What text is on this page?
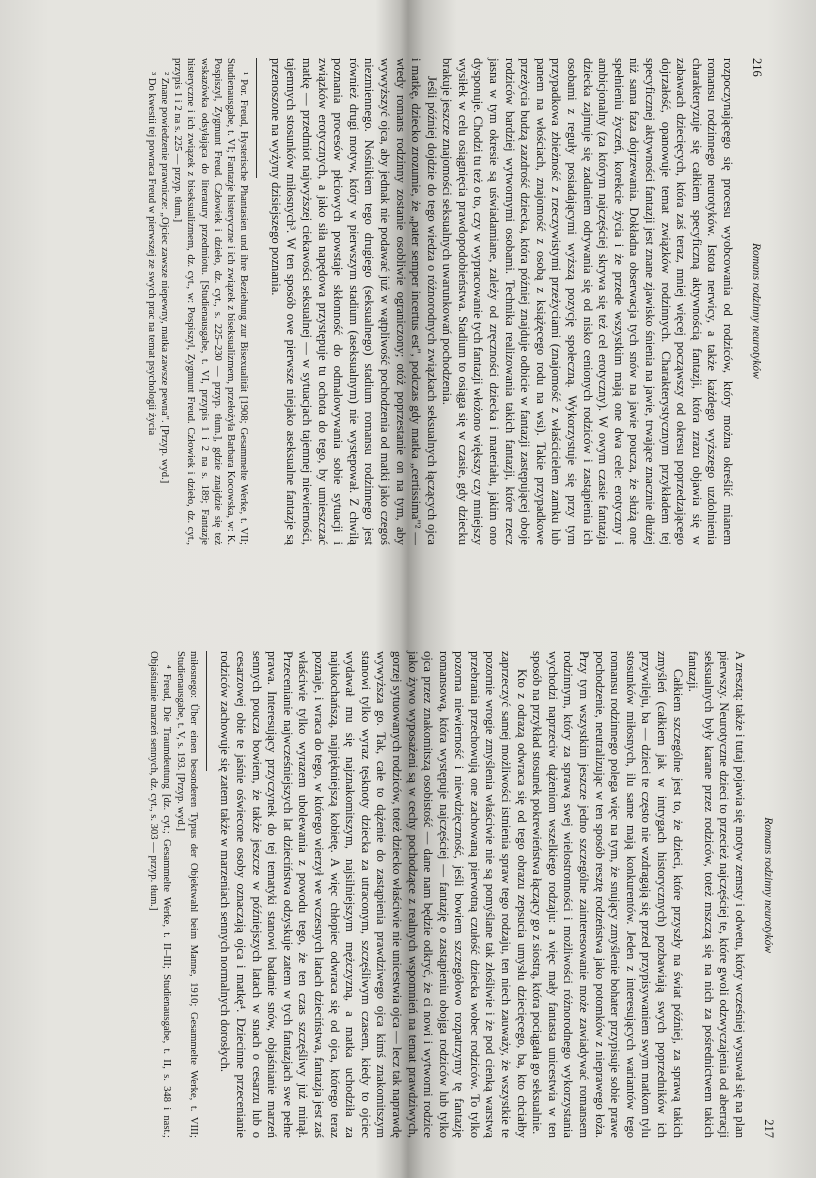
216
Romans rodzinny neurotyków

rozpoczynającego się procesu wyobcowania od rodziców, który można określić mianem romansu rodzinnego neurotyków. Istota nerwicy, a także każdego wyższego uzdolnienia charakteryzuje się całkiem specyficzną aktywnością fantazji, która zrazu objawia się w zabawach dziecięcych, która zaś teraz, mniej więcej począwszy od okresu poprzedzającego dojrzałość, opanowuje temat związków rodzinnych. Charakterystycznym przykładem tej specyficznej aktywności fantazji jest znane zjawisko śnienia na jawie, trwające znacznie dłużej niż sama faza dojrzewania. Dokładna obserwacja tych snów na jawie poucza, że służą one spełnieniu życzeń, korekcie życia i że przede wszystkim mają one dwa cele: erotyczny i ambicjonalny (za którym najczęściej skrywa się też cel erotyczny). W owym czasie fantazja dziecka zajmuje się zadaniem odrywania się od nisko cenionych rodziców i zastąpienia ich osobami z reguły posiadającymi wyższą pozycję społeczną. Wykorzystuje się przy tym przypadkowa zbieżność z rzeczywistymi przeżyciami (znajomość z właścicielem zamku lub panem na włościach, znajomość z osobą z książęcego rodu na wsi). Takie przypadkowe przeżycia budzą zazdrość dziecka, która później znajduje odbicie w fantazji zastępującej oboje rodziców bardziej wytwornymi osobami. Technika realizowania takich fantazji, które rzecz jasna w tym okresie są uświadamiane, zależy od zręczności dziecka i materiału, jakim ono dysponuje. Chodzi tu też o to, czy w wypracowanie tych fantazji włożono większy czy mniejszy wysiłek w celu osiągnięcia prawdopodobieństwa. Stadium to osiąga się w czasie, gdy dziecku brakuje jeszcze znajomości seksualnych uwarunkowań pochodzenia.

Jeśli później dojdzie do tego wiedza o różnorodnych związkach seksualnych łączących ojca i matkę, dziecko zrozumie, że „pater semper incertus est", podczas gdy matka „certissima"² — wtedy romans rodzinny zostanie osobliwie ograniczony; otóż poprzestanie on na tym, aby wywyższyć ojca, aby jednak nie podawać już w wątpliwość pochodzenia od matki jako czegoś niezmiennego. Nośnikiem tego drugiego (seksualnego) stadium romansu rodzinnego jest również drugi motyw, który w pierwszym stadium (aseksualnym) nie występował. Z chwilą poznania procesów płciowych powstaje skłonność do odmalowywania sobie sytuacji i związków erotycznych, a jako siła napędowa przystępuje tu ochota do tego, by umieszczać matkę — przedmiot najwyższej ciekawości seksualnej — w sytuacjach tajemnej niewierności, tajemnych stosunków miłosnych³. W ten sposób owe pierwsze niejako aseksualne fantazje są przenoszone na wyżyny dzisiejszego poznania.

¹ Por. Freud, Hysterische Phantasien und ihre Beziehung zur Bisexualität [1908; Gesammelte Werke, t. VII; Studienausgabe, t. VI; Fantazje histeryczne i ich związek z biseksualizmem, przełożyła Barbara Kocowska, w: K. Pospiszyl, Zygmunt Freud. Człowiek i dzieło, dz. cyt., s. 225–230 — przyp. tłum.], gdzie znajdzie się też wskazówka odsyłająca do literatury przedmiotu. [Studienausgabe, t. VI, przypis 1 i 2 na s. 189; Fantazje histeryczne i ich związek z biseksualizmem, dz. cyt., w: Pospiszyl, Zygmunt Freud. Człowiek i dzieło, dz. cyt., przypis 1 i 2 na s. 225 — przyp. tłum.]

² Znane powiedzenie prawnicze: „Ojciec zawsze niepewny, matka zawsze pewna". [Przyp. wyd.]

³ Do kwestii tej powraca Freud w pierwszej ze swych prac na temat psychologii życia

Romans rodzinny neurotyków
217

A zresztą: także i tutaj pojawia się motyw zemsty i odwetu, który wcześniej wysuwał się na plan pierwszy. Neurotyczne dzieci to przecież najczęściej te, które gwoli odzwyczajenia od aberracji seksualnych były karane przez rodziców, toteż mszczą się na nich za pośrednictwem takich fantazji.

Całkiem szczególne jest to, że dzieci, które przyszły na świat później, za sprawą takich zmyśleń (całkiem jak w intrygach historycznych) pozbawiają swych poprzedników ich przywileju, ba — dzieci te często nie wzdragają się przed przypisywaniem swym matkom tylu stosunków miłosnych, ilu same mają konkurentów. Jeden z interesujących wariantów tego romansu rodzinnego polega więc na tym, że snujący zmyślenie bohater przypisuje sobie prawe pochodzenie, neutralizując w ten sposób resztę rodzeństwa jako potomków z nieprawego łoża. Przy tym wszystkim jeszcze jedno szczególne zainteresowanie może zawiadywać romansem rodzinnym, który za sprawą swej wielostronności i możliwości różnorodnego wykorzystania wychodzi naprzeciw dążeniom wszelkiego rodzaju: a więc mały fantasta unicestwia w ten sposób na przykład stosunek pokrewieństwa łączący go z siostrą, która pociągała go seksualnie.

Kto z odrazą odwraca się od tego obrazu zepsucia umysłu dziecięcego, ba, kto chciałby zaprzeczyć samej możliwości istnienia spraw tego rodzaju, ten niech zauważy, że wszystkie te pozornie wrogie zmyślenia właściwie nie są pomyślane tak złośliwie i że pod cienką warstwą przebrania przechowują one zachowaną pierwotną czułość dziecka wobec rodziców. To tylko pozorna niewierność i niewdzięczność, jeśli bowiem szczegółowo rozpatrzymy tę fantazję romansową, która występuje najczęściej — fantazję o zastąpieniu obojga rodziców lub tylko ojca przez znakomitszą osobistość — dane nam będzie odkryć, że ci nowi i wytworni rodzice jako żywo wyposażeni są w cechy pochodzące z realnych wspomnień na temat prawdziwych, gorzej sytuowanych rodziców, toteż dziecko właściwie nie unicestwia ojca — lecz tak naprawdę wywyższa go. Tak, całe to dążenie do zastąpienia prawdziwego ojca kimś znakomitszym stanowi tylko wyraz tęsknoty dziecka za utraconym, szczęśliwym czasem, kiedy to ojciec wydawał mu się najznakomitszym, najsilniejszym mężczyzną, a matka uchodziła za najukochańszą, najpiękniejszą kobietę. A więc chłopiec odwraca się od ojca, którego teraz poznaje, i wraca do tego, w którego wierzył we wczesnych latach dzieciństwa, fantazja jest zaś właściwie tylko wyrazem ubolewania z powodu tego, że ten czas szczęśliwy już minął. Przecenianie najwcześniejszych lat dzieciństwa odzyskuje zatem w tych fantazjach swe pełne prawa. Interesujący przyczynek do tej tematyki stanowi badanie snów, objaśnianie marzeń sennych poucza bowiem, że także jeszcze w późniejszych latach w snach o cesarzu lub o cesarzowej obie te jaśnie oświecone osoby oznaczają ojca i matkę⁴. Dziecinne przecenianie rodziców zachowuje się zatem także w marzeniach sennych normalnych dorosłych.

miłosnego: Über einen besonderen Typus der Objektwahl beim Manne, 1910; Gesammelte Werke, t. VIII; Studienausgabe, t. V, s. 193. [Przyp. wyd.]

⁴ Freud, Die Traumdeutung [dz. cyt.; Gesammelte Werke, t. II–III; Studienausgabe, t. II, s. 348 i nast.; Objaśnianie marzeń sennych, dz. cyt., s. 303 — przyp. tłum.]
